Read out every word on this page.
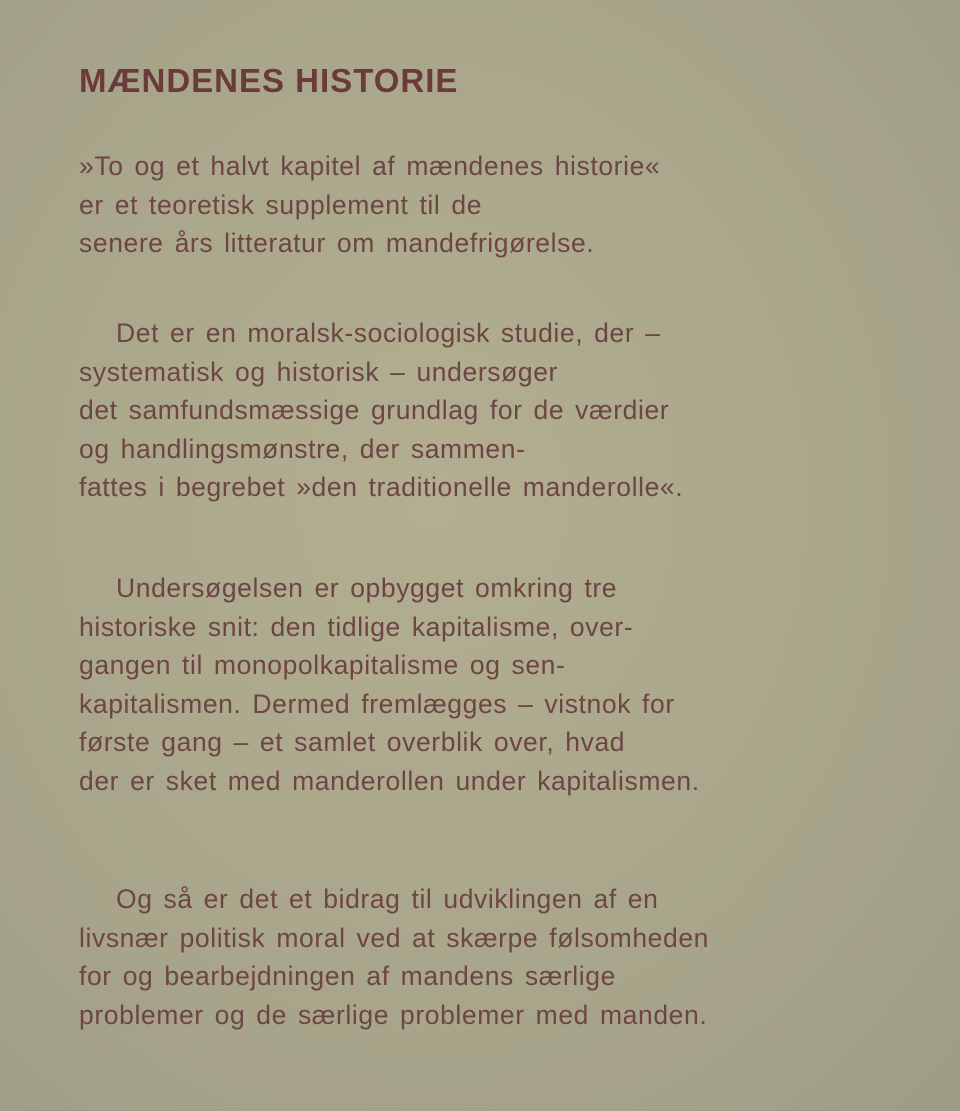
MÆNDENES HISTORIE

»To og et halvt kapitel af mændenes historie«
er et teoretisk supplement til de
senere års litteratur om mandefrigørelse.

Det er en moralsk-sociologisk studie, der –
systematisk og historisk – undersøger
det samfundsmæssige grundlag for de værdier
og handlingsmønstre, der sammen-
fattes i begrebet »den traditionelle manderolle«.

Undersøgelsen er opbygget omkring tre
historiske snit: den tidlige kapitalisme, over-
gangen til monopolkapitalisme og sen-
kapitalismen. Dermed fremlægges – vistnok for
første gang – et samlet overblik over, hvad
der er sket med manderollen under kapitalismen.

Og så er det et bidrag til udviklingen af en
livsnær politisk moral ved at skærpe følsomheden
for og bearbejdningen af mandens særlige
problemer og de særlige problemer med manden.
